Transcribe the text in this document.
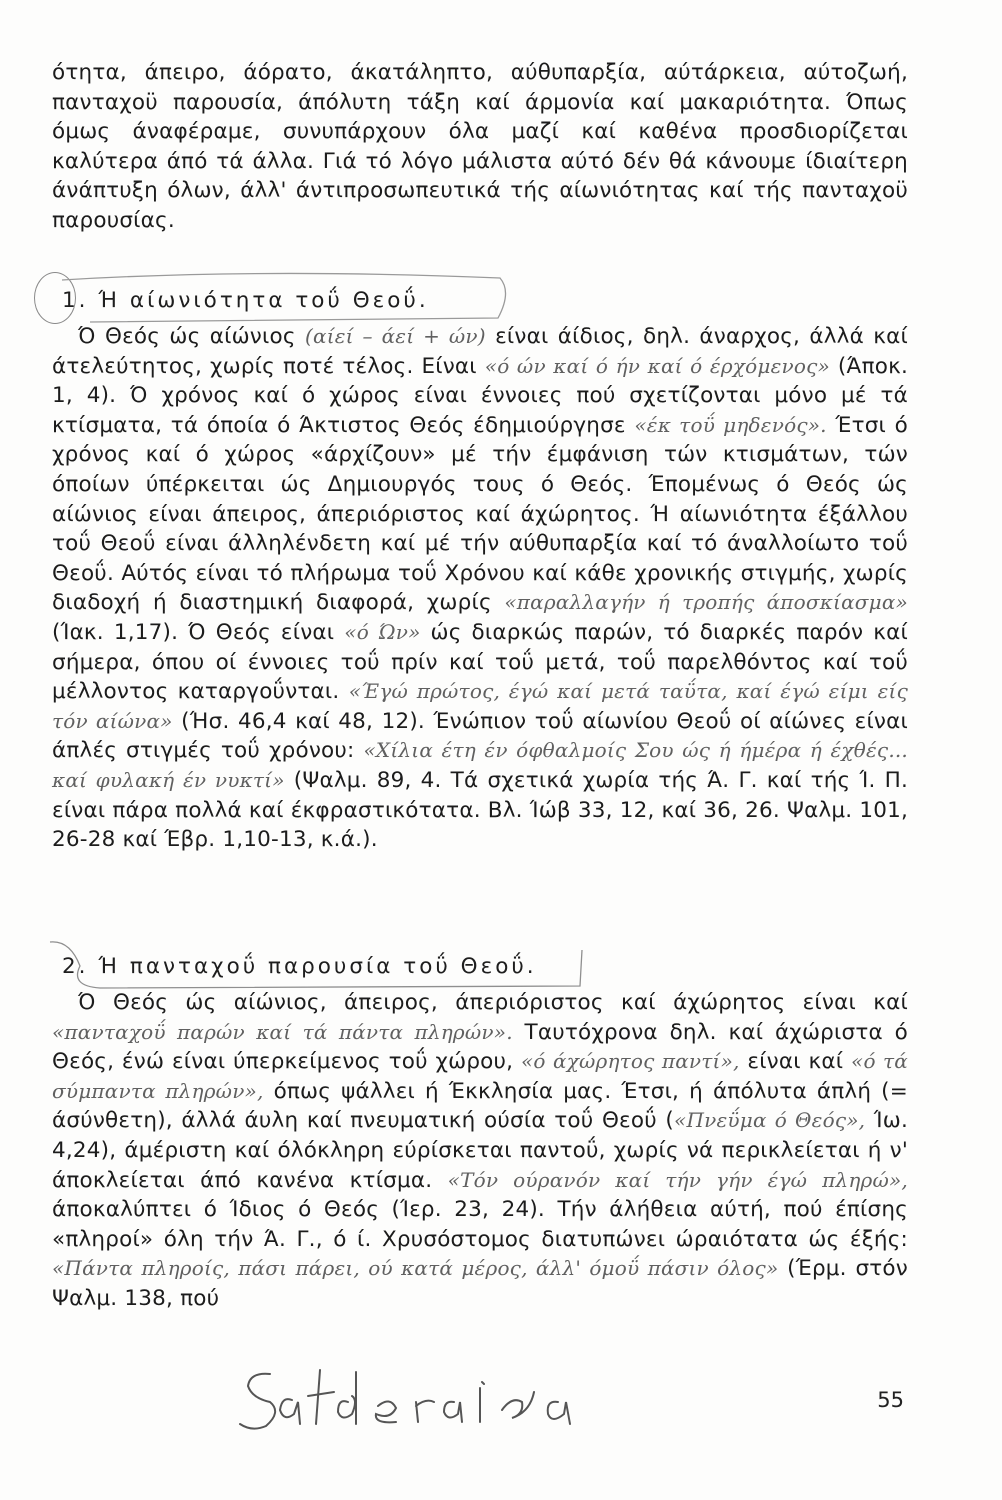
ότητα, άπειρο, άόρατο, άκατάληπτο, αύθυπαρξία, αύτάρκεια, αύτοζωή, πανταχοϋ παρουσία, άπόλυτη τάξη καί άρμονία καί μακαριότητα. Όπως όμως άναφέραμε, συνυπάρχουν όλα μαζί καί καθένα προσδιορίζεται καλύτερα άπό τά άλλα. Γιά τό λόγο μάλιστα αύτό δέν θά κάνουμε ίδιαίτερη άνάπτυξη όλων, άλλ' άντιπροσωπευτικά τής αίωνιότητας καί τής πανταχοϋ παρουσίας.

1. Ή αίωνιότητα τοΰ Θεοΰ.

Ό Θεός ώς αίώνιος (αίεί – άεί + ών) είναι άίδιος, δηλ. άναρχος, άλλά καί άτελεύτητος, χωρίς ποτέ τέλος. Είναι «ό ών καί ό ήν καί ό έρχόμενος» (Άποκ. 1, 4). Ό χρόνος καί ό χώρος είναι έννοιες πού σχετίζονται μόνο μέ τά κτίσματα, τά όποία ό Άκτιστος Θεός έδημιούργησε «έκ τοΰ μηδενός». Έτσι ό χρόνος καί ό χώρος «άρχίζουν» μέ τήν έμφάνιση τών κτισμάτων, τών όποίων ύπέρκειται ώς Δημιουργός τους ό Θεός. Έπομένως ό Θεός ώς αίώνιος είναι άπειρος, άπεριόριστος καί άχώρητος. Ή αίωνιότητα έξάλλου τοΰ Θεοΰ είναι άλληλένδετη καί μέ τήν αύθυπαρξία καί τό άναλλοίωτο τοΰ Θεοΰ. Αύτός είναι τό πλήρωμα τοΰ Χρόνου καί κάθε χρονικής στιγμής, χωρίς διαδοχή ή διαστημική διαφορά, χωρίς «παραλλαγήν ή τροπής άποσκίασμα» (Ίακ. 1,17). Ό Θεός είναι «ό Ών» ώς διαρκώς παρών, τό διαρκές παρόν καί σήμερα, όπου οί έννοιες τοΰ πρίν καί τοΰ μετά, τοΰ παρελθόντος καί τοΰ μέλλοντος καταργοΰνται. «Έγώ πρώτος, έγώ καί μετά ταΰτα, καί έγώ είμι είς τόν αίώνα» (Ήσ. 46,4 καί 48, 12). Ένώπιον τοΰ αίωνίου Θεοΰ οί αίώνες είναι άπλές στιγμές τοΰ χρόνου: «Χίλια έτη έν όφθαλμοίς Σου ώς ή ήμέρα ή έχθές... καί φυλακή έν νυκτί» (Ψαλμ. 89, 4. Τά σχετικά χωρία τής Ά. Γ. καί τής Ί. Π. είναι πάρα πολλά καί έκφραστικότατα. Βλ. Ίώβ 33, 12, καί 36, 26. Ψαλμ. 101, 26-28 καί Έβρ. 1,10-13, κ.ά.).

2. Ή πανταχοΰ παρουσία τοΰ Θεοΰ.

Ό Θεός ώς αίώνιος, άπειρος, άπεριόριστος καί άχώρητος είναι καί «πανταχοΰ παρών καί τά πάντα πληρών». Ταυτόχρονα δηλ. καί άχώριστα ό Θεός, ένώ είναι ύπερκείμενος τοΰ χώρου, «ό άχώρητος παντί», είναι καί «ό τά σύμπαντα πληρών», όπως ψάλλει ή Έκκλησία μας. Έτσι, ή άπόλυτα άπλή (= άσύνθετη), άλλά άυλη καί πνευματική ούσία τοΰ Θεοΰ («Πνεΰμα ό Θεός», Ίω. 4,24), άμέριστη καί όλόκληρη εύρίσκεται παντοΰ, χωρίς νά περικλείεται ή ν' άποκλείεται άπό κανένα κτίσμα. «Τόν ούρανόν καί τήν γήν έγώ πληρώ», άποκαλύπτει ό Ίδιος ό Θεός (Ίερ. 23, 24). Τήν άλήθεια αύτή, πού έπίσης «πληροί» όλη τήν Ά. Γ., ό ί. Χρυσόστομος διατυπώνει ώραιότατα ώς έξής: «Πάντα πληροίς, πάσι πάρει, ού κατά μέρος, άλλ' όμοΰ πάσιν όλος» (Έρμ. στόν Ψαλμ. 138, πού

55
